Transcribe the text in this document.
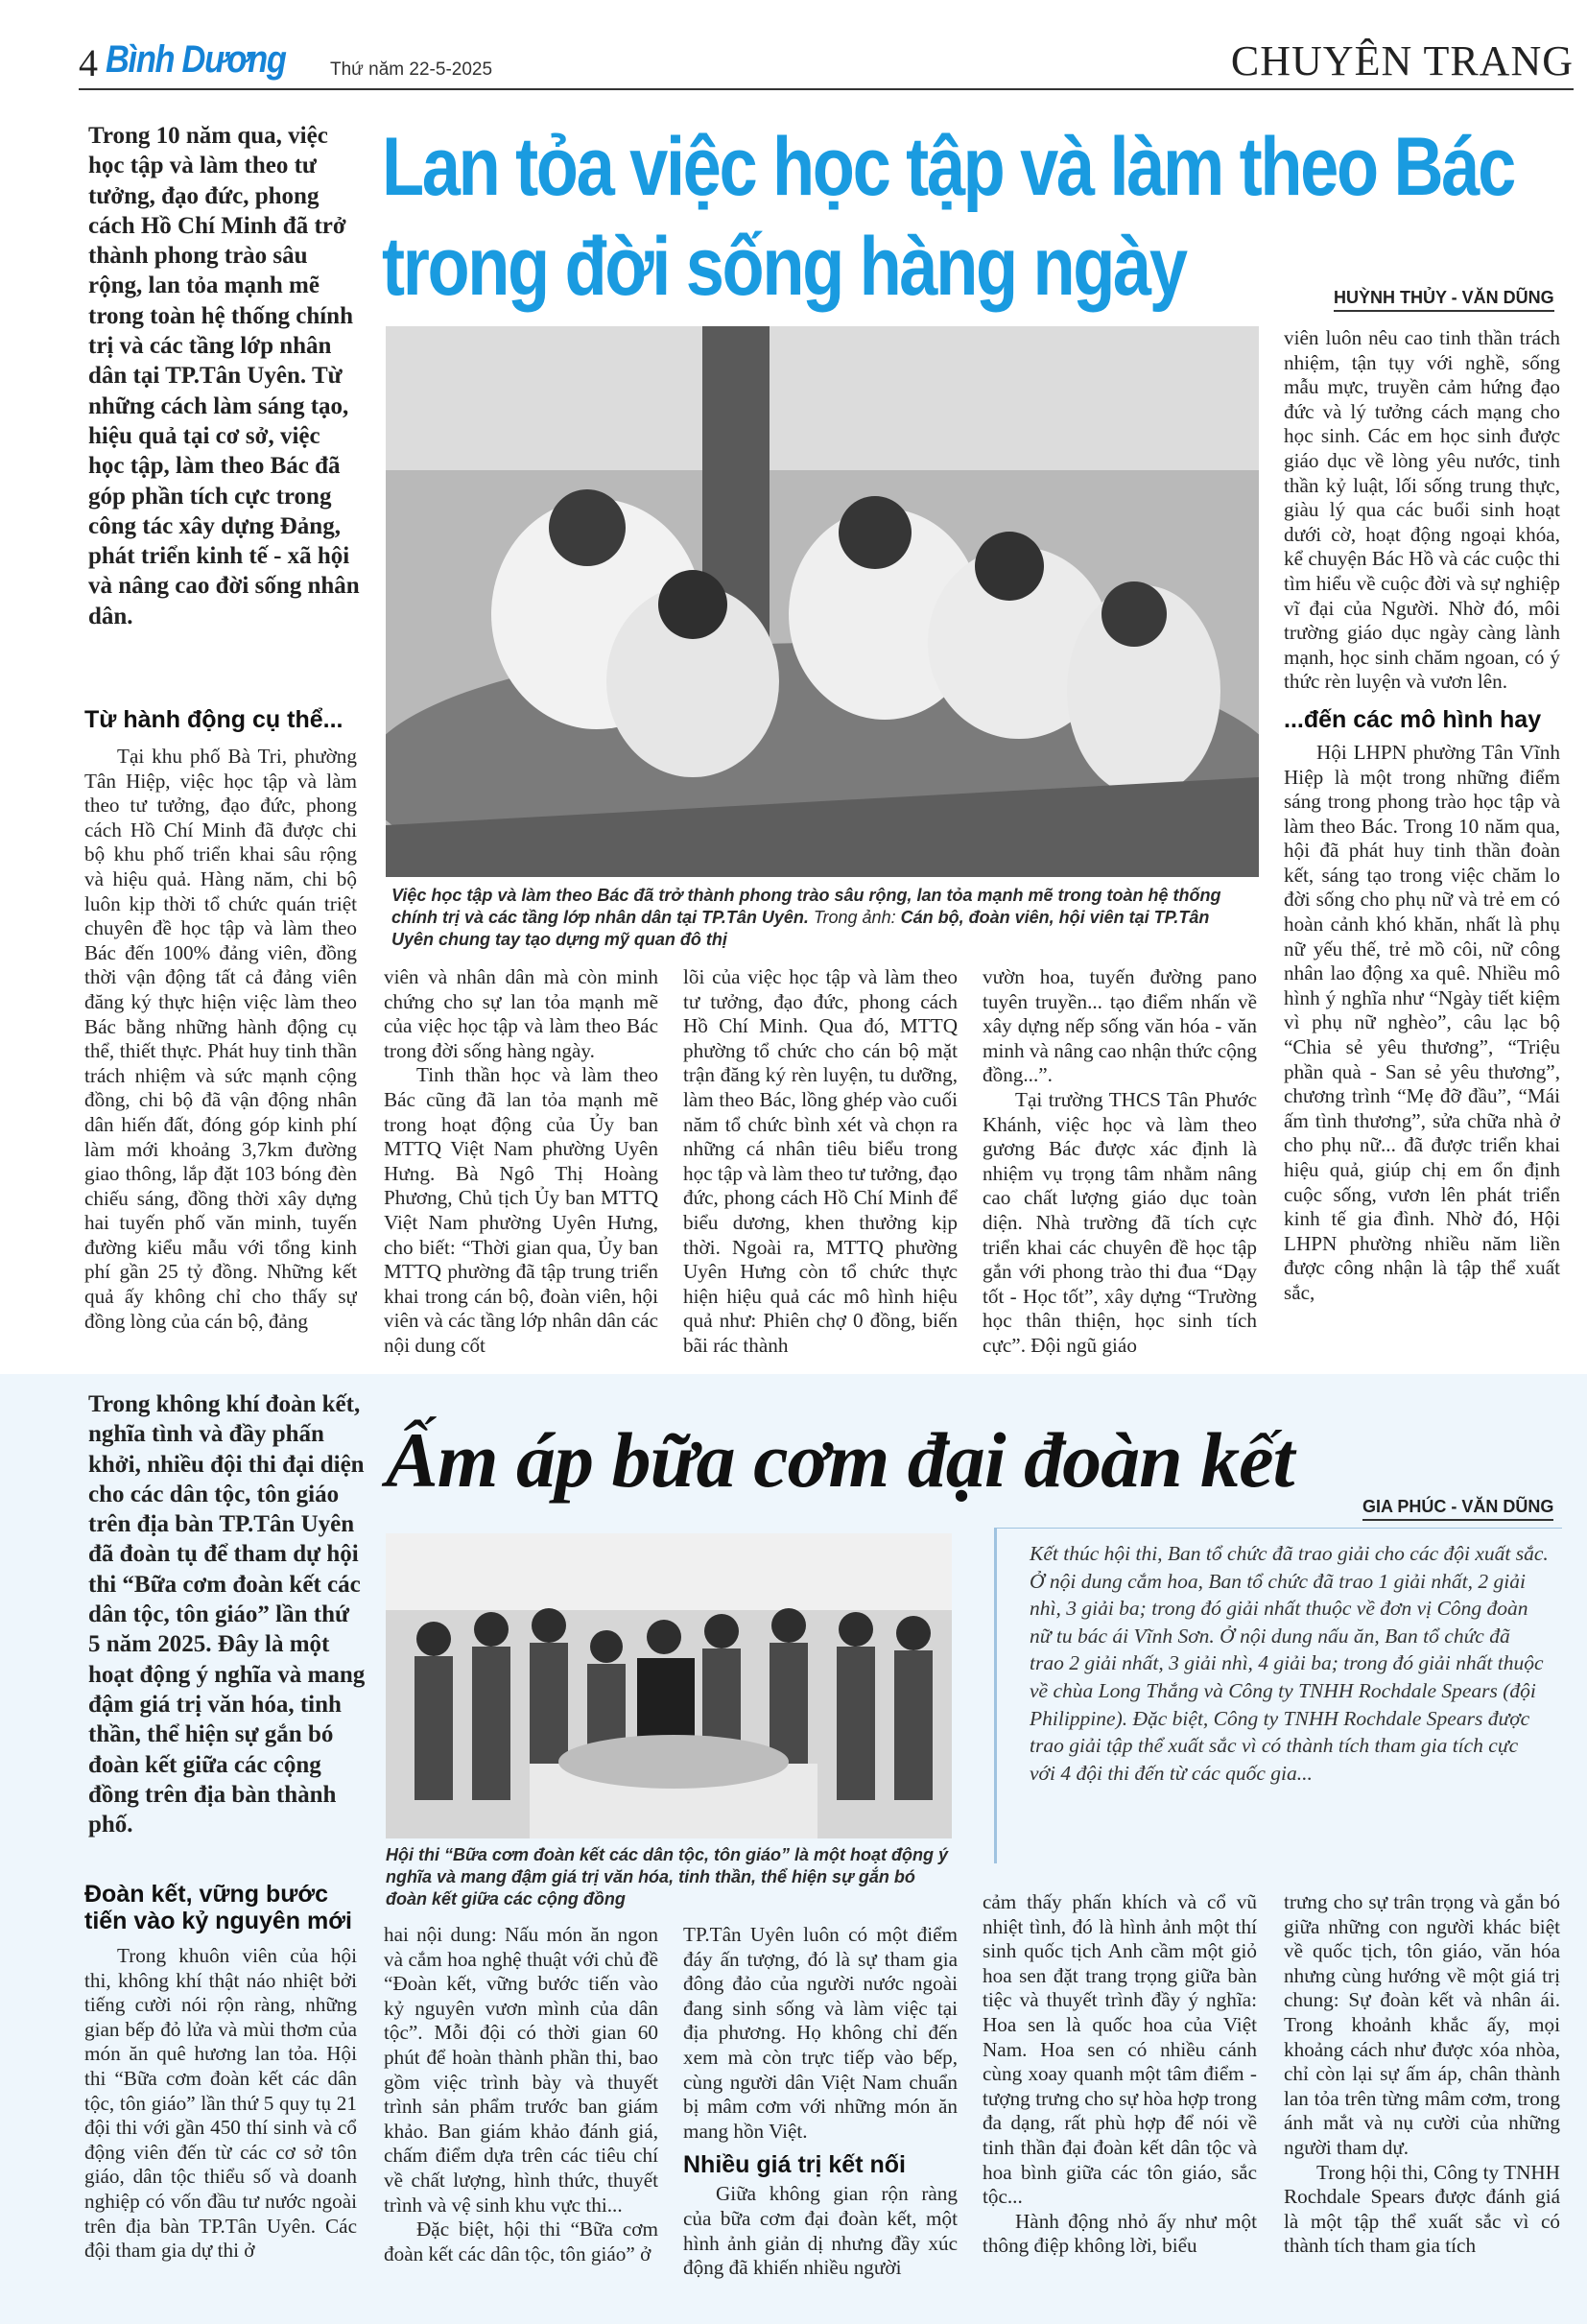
4 Bình Dương Thứ năm 22-5-2025	CHUYÊN TRANG
Lan tỏa việc học tập và làm theo Bác
trong đời sống hàng ngày	HUỲNH THỦY - VĂN DŨNG

Trong 10 năm qua, việc học tập và làm theo tư tưởng, đạo đức, phong cách Hồ Chí Minh đã trở thành phong trào sâu rộng, lan tỏa mạnh mẽ trong toàn hệ thống chính trị và các tầng lớp nhân dân tại TP.Tân Uyên. Từ những cách làm sáng tạo, hiệu quả tại cơ sở, việc học tập, làm theo Bác đã góp phần tích cực trong công tác xây dựng Đảng, phát triển kinh tế - xã hội và nâng cao đời sống nhân dân.

Từ hành động cụ thể...

Tại khu phố Bà Tri, phường Tân Hiệp, việc học tập và làm theo tư tưởng, đạo đức, phong cách Hồ Chí Minh đã được chi bộ khu phố triển khai sâu rộng và hiệu quả. Hàng năm, chi bộ luôn kịp thời tổ chức quán triệt chuyên đề học tập và làm theo Bác đến 100% đảng viên, đồng thời vận động tất cả đảng viên đăng ký thực hiện việc làm theo Bác bằng những hành động cụ thể, thiết thực. Phát huy tinh thần trách nhiệm và sức mạnh cộng đồng, chi bộ đã vận động nhân dân hiến đất, đóng góp kinh phí làm mới khoảng 3,7km đường giao thông, lắp đặt 103 bóng đèn chiếu sáng, đồng thời xây dựng hai tuyến phố văn minh, tuyến đường kiểu mẫu với tổng kinh phí gần 25 tỷ đồng. Những kết quả ấy không chỉ cho thấy sự đồng lòng của cán bộ, đảng

Việc học tập và làm theo Bác đã trở thành phong trào sâu rộng, lan tỏa mạnh mẽ trong toàn hệ thống chính trị và các tầng lớp nhân dân tại TP.Tân Uyên. Trong ảnh: Cán bộ, đoàn viên, hội viên tại TP.Tân Uyên chung tay tạo dựng mỹ quan đô thị

viên và nhân dân mà còn minh chứng cho sự lan tỏa mạnh mẽ của việc học tập và làm theo Bác trong đời sống hàng ngày.

Tinh thần học và làm theo Bác cũng đã lan tỏa mạnh mẽ trong hoạt động của Ủy ban MTTQ Việt Nam phường Uyên Hưng. Bà Ngô Thị Hoàng Phương, Chủ tịch Ủy ban MTTQ Việt Nam phường Uyên Hưng, cho biết: “Thời gian qua, Ủy ban MTTQ phường đã tập trung triển khai trong cán bộ, đoàn viên, hội viên và các tầng lớp nhân dân các nội dung cốt

lõi của việc học tập và làm theo tư tưởng, đạo đức, phong cách Hồ Chí Minh. Qua đó, MTTQ phường tổ chức cho cán bộ mặt trận đăng ký rèn luyện, tu dưỡng, làm theo Bác, lồng ghép vào cuối năm tổ chức bình xét và chọn ra những cá nhân tiêu biểu trong học tập và làm theo tư tưởng, đạo đức, phong cách Hồ Chí Minh để biểu dương, khen thưởng kịp thời. Ngoài ra, MTTQ phường Uyên Hưng còn tổ chức thực hiện hiệu quả các mô hình hiệu quả như: Phiên chợ 0 đồng, biến bãi rác thành

vườn hoa, tuyến đường pano tuyên truyền... tạo điểm nhấn về xây dựng nếp sống văn hóa - văn minh và nâng cao nhận thức cộng đồng...”.

Tại trường THCS Tân Phước Khánh, việc học và làm theo gương Bác được xác định là nhiệm vụ trọng tâm nhằm nâng cao chất lượng giáo dục toàn diện. Nhà trường đã tích cực triển khai các chuyên đề học tập gắn với phong trào thi đua “Dạy tốt - Học tốt”, xây dựng “Trường học thân thiện, học sinh tích cực”. Đội ngũ giáo

viên luôn nêu cao tinh thần trách nhiệm, tận tụy với nghề, sống mẫu mực, truyền cảm hứng đạo đức và lý tưởng cách mạng cho học sinh. Các em học sinh được giáo dục về lòng yêu nước, tinh thần kỷ luật, lối sống trung thực, giàu lý qua các buổi sinh hoạt dưới cờ, hoạt động ngoại khóa, kể chuyện Bác Hồ và các cuộc thi tìm hiểu về cuộc đời và sự nghiệp vĩ đại của Người. Nhờ đó, môi trường giáo dục ngày càng lành mạnh, học sinh chăm ngoan, có ý thức rèn luyện và vươn lên.

...đến các mô hình hay

Hội LHPN phường Tân Vĩnh Hiệp là một trong những điểm sáng trong phong trào học tập và làm theo Bác. Trong 10 năm qua, hội đã phát huy tinh thần đoàn kết, sáng tạo trong việc chăm lo đời sống cho phụ nữ và trẻ em có hoàn cảnh khó khăn, nhất là phụ nữ yếu thế, trẻ mồ côi, nữ công nhân lao động xa quê. Nhiều mô hình ý nghĩa như “Ngày tiết kiệm vì phụ nữ nghèo”, câu lạc bộ “Chia sẻ yêu thương”, “Triệu phần quà - San sẻ yêu thương”, chương trình “Mẹ đỡ đầu”, “Mái ấm tình thương”, sửa chữa nhà ở cho phụ nữ... đã được triển khai hiệu quả, giúp chị em ổn định cuộc sống, vươn lên phát triển kinh tế gia đình. Nhờ đó, Hội LHPN phường nhiều năm liền được công nhận là tập thể xuất sắc,

Ấm áp bữa cơm đại đoàn kết
GIA PHÚC - VĂN DŨNG

Trong không khí đoàn kết, nghĩa tình và đầy phấn khởi, nhiều đội thi đại diện cho các dân tộc, tôn giáo trên địa bàn TP.Tân Uyên đã đoàn tụ để tham dự hội thi “Bữa cơm đoàn kết các dân tộc, tôn giáo” lần thứ 5 năm 2025. Đây là một hoạt động ý nghĩa và mang đậm giá trị văn hóa, tinh thần, thể hiện sự gắn bó đoàn kết giữa các cộng đồng trên địa bàn thành phố.

Hội thi “Bữa cơm đoàn kết các dân tộc, tôn giáo” là một hoạt động ý nghĩa và mang đậm giá trị văn hóa, tinh thần, thể hiện sự gắn bó đoàn kết giữa các cộng đồng

Kết thúc hội thi, Ban tổ chức đã trao giải cho các đội xuất sắc. Ở nội dung cắm hoa, Ban tổ chức đã trao 1 giải nhất, 2 giải nhì, 3 giải ba; trong đó giải nhất thuộc về đơn vị Công đoàn nữ tu bác ái Vĩnh Sơn. Ở nội dung nấu ăn, Ban tổ chức đã trao 2 giải nhất, 3 giải nhì, 4 giải ba; trong đó giải nhất thuộc về chùa Long Thắng và Công ty TNHH Rochdale Spears (đội Philippine). Đặc biệt, Công ty TNHH Rochdale Spears được trao giải tập thể xuất sắc vì có thành tích tham gia tích cực với 4 đội thi đến từ các quốc gia...

Đoàn kết, vững bước tiến vào kỷ nguyên mới

Trong khuôn viên của hội thi, không khí thật náo nhiệt bởi tiếng cười nói rộn ràng, những gian bếp đỏ lửa và mùi thơm của món ăn quê hương lan tỏa. Hội thi “Bữa cơm đoàn kết các dân tộc, tôn giáo” lần thứ 5 quy tụ 21 đội thi với gần 450 thí sinh và cổ động viên đến từ các cơ sở tôn giáo, dân tộc thiểu số và doanh nghiệp có vốn đầu tư nước ngoài trên địa bàn TP.Tân Uyên. Các đội tham gia dự thi ở

hai nội dung: Nấu món ăn ngon và cắm hoa nghệ thuật với chủ đề “Đoàn kết, vững bước tiến vào kỷ nguyên vươn mình của dân tộc”. Mỗi đội có thời gian 60 phút để hoàn thành phần thi, bao gồm việc trình bày và thuyết trình sản phẩm trước ban giám khảo. Ban giám khảo đánh giá, chấm điểm dựa trên các tiêu chí về chất lượng, hình thức, thuyết trình và vệ sinh khu vực thi...

Đặc biệt, hội thi “Bữa cơm đoàn kết các dân tộc, tôn giáo” ở

TP.Tân Uyên luôn có một điểm đáy ấn tượng, đó là sự tham gia đông đảo của người nước ngoài đang sinh sống và làm việc tại địa phương. Họ không chỉ đến xem mà còn trực tiếp vào bếp, cùng người dân Việt Nam chuẩn bị mâm cơm với những món ăn mang hồn Việt.

Nhiều giá trị kết nối

Giữa không gian rộn ràng của bữa cơm đại đoàn kết, một hình ảnh giản dị nhưng đầy xúc động đã khiến nhiều người

cảm thấy phấn khích và cổ vũ nhiệt tình, đó là hình ảnh một thí sinh quốc tịch Anh cầm một giỏ hoa sen đặt trang trọng giữa bàn tiệc và thuyết trình đầy ý nghĩa: Hoa sen là quốc hoa của Việt Nam. Hoa sen có nhiều cánh cùng xoay quanh một tâm điểm - tượng trưng cho sự hòa hợp trong đa dạng, rất phù hợp để nói về tinh thần đại đoàn kết dân tộc và hoa bình giữa các tôn giáo, sắc tộc...

Hành động nhỏ ấy như một thông điệp không lời, biểu

trưng cho sự trân trọng và gắn bó giữa những con người khác biệt về quốc tịch, tôn giáo, văn hóa nhưng cùng hướng về một giá trị chung: Sự đoàn kết và nhân ái. Trong khoảnh khắc ấy, mọi khoảng cách như được xóa nhòa, chỉ còn lại sự ấm áp, chân thành lan tỏa trên từng mâm cơm, trong ánh mắt và nụ cười của những người tham dự.

Trong hội thi, Công ty TNHH Rochdale Spears được đánh giá là một tập thể xuất sắc vì có thành tích tham gia tích
